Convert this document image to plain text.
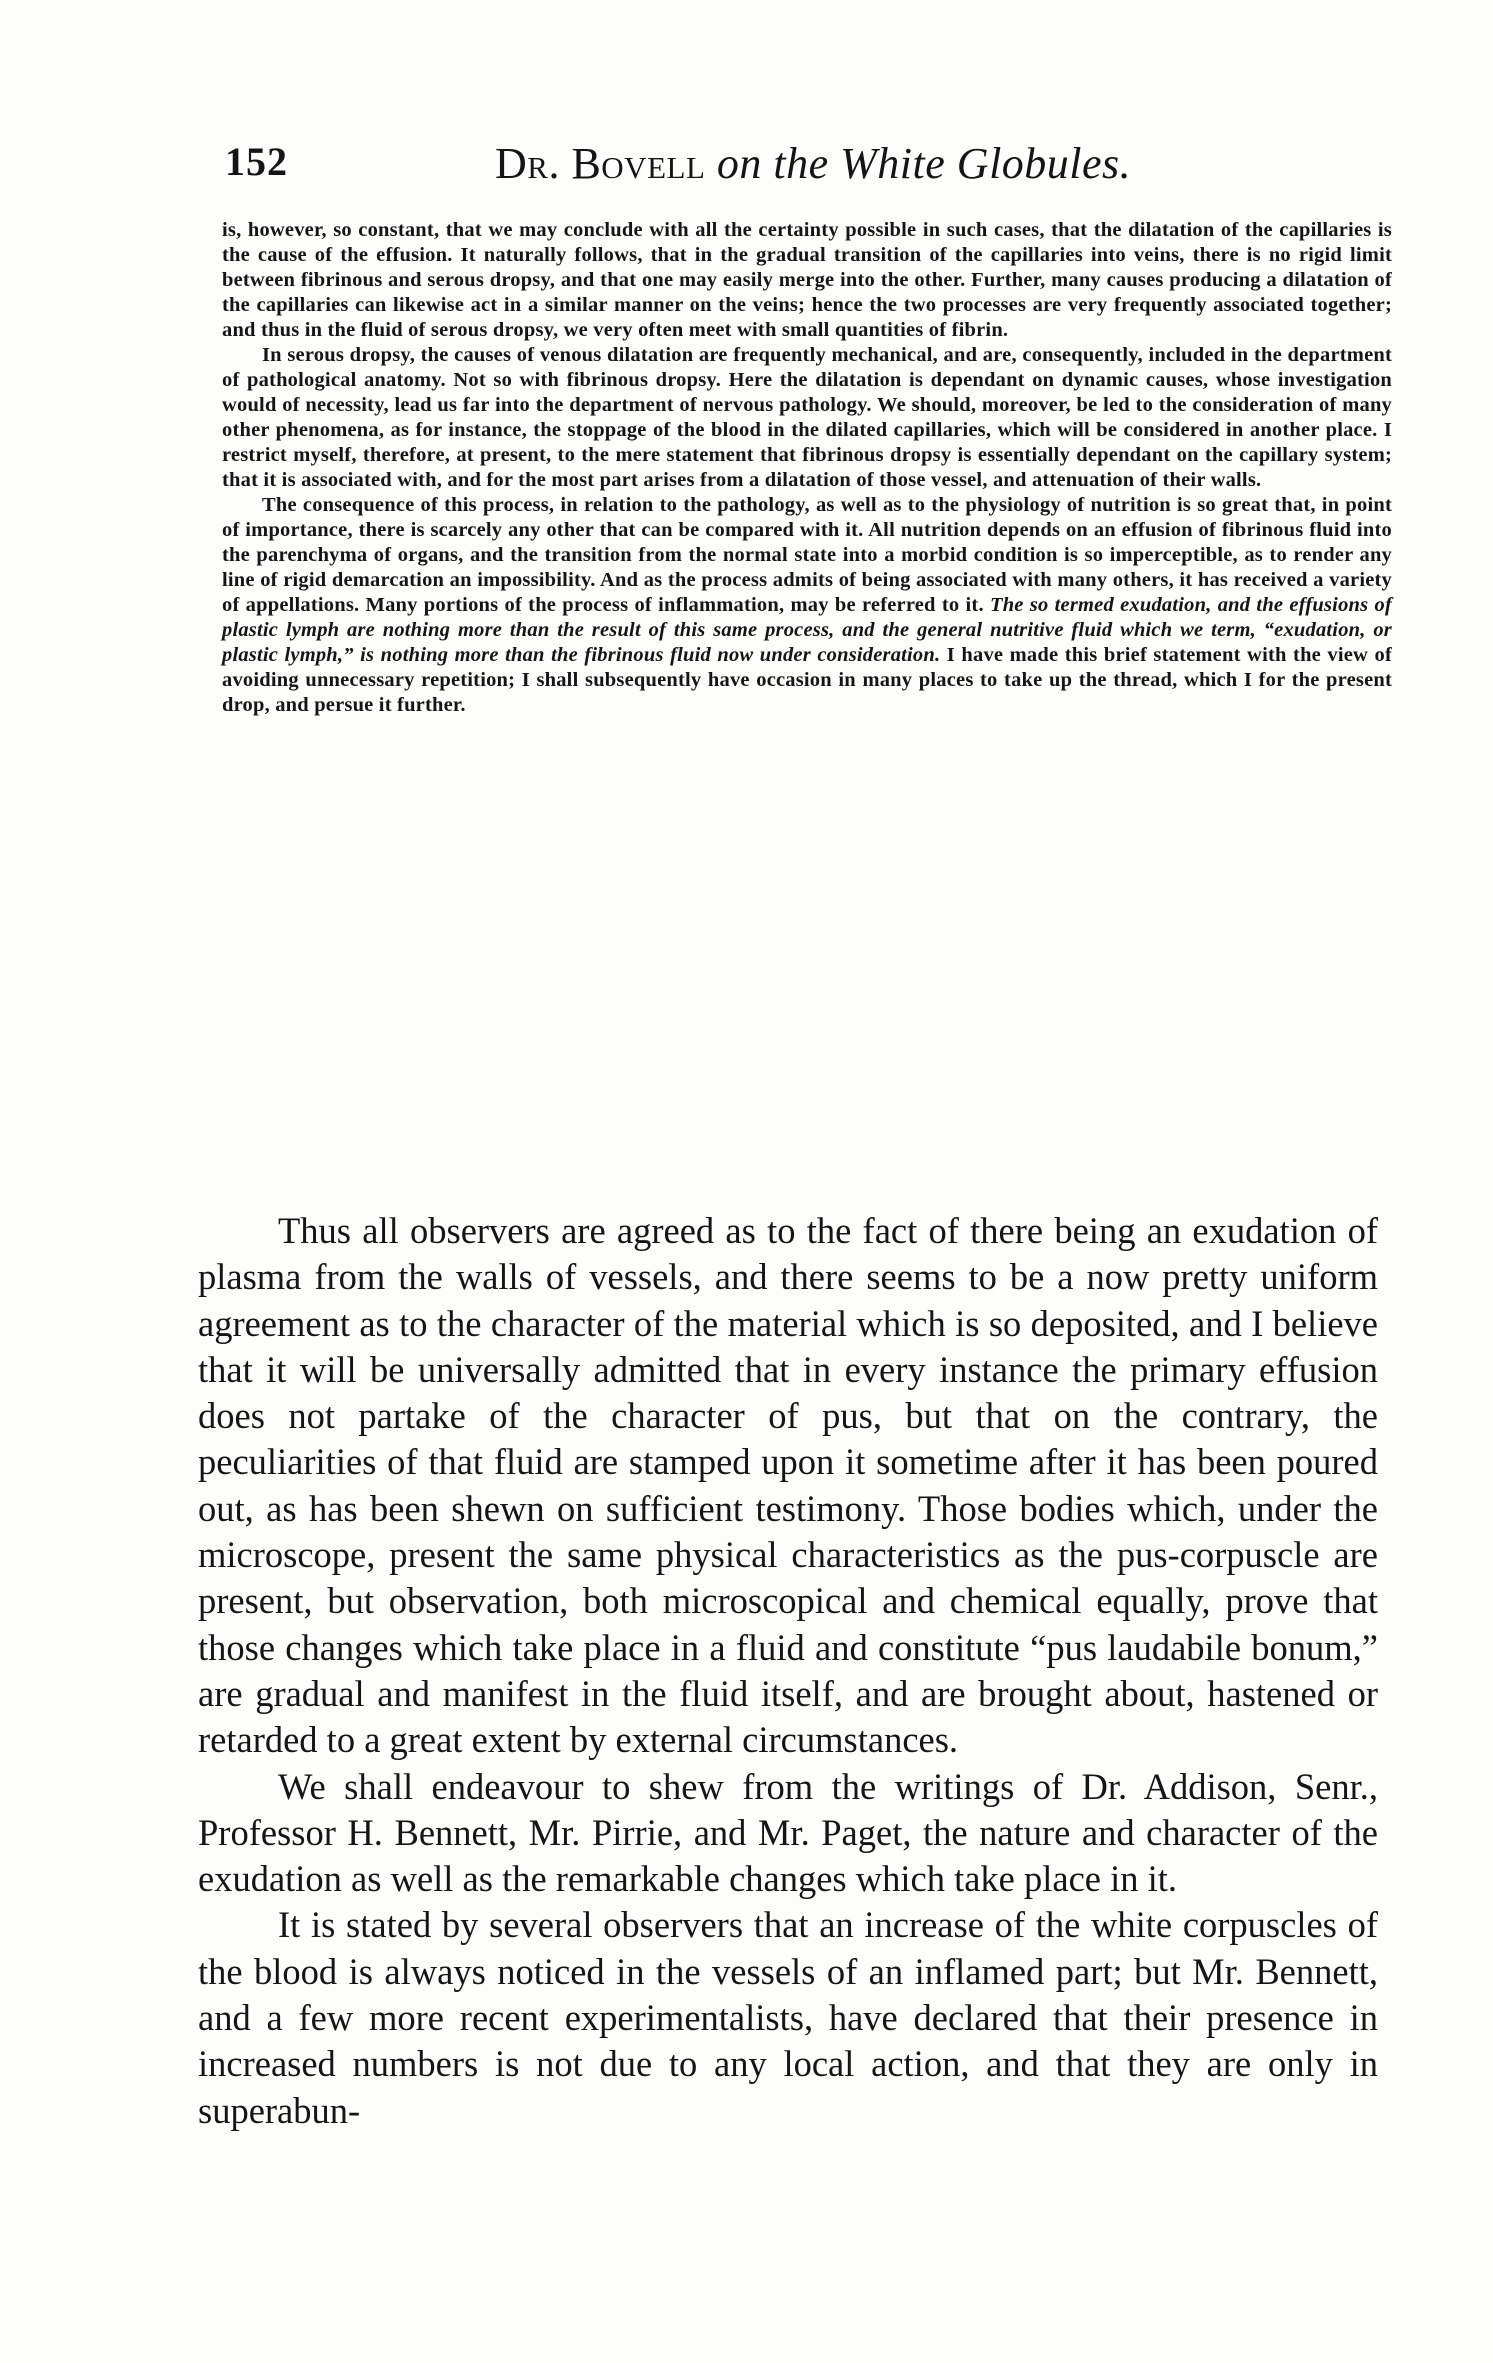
152	Dr. Bovell on the White Globules.

is, however, so constant, that we may conclude with all the certainty possible in such cases, that the dilatation of the capillaries is the cause of the effusion. It naturally follows, that in the gradual transition of the capillaries into veins, there is no rigid limit between fibrinous and serous dropsy, and that one may easily merge into the other. Further, many causes producing a dilatation of the capillaries can likewise act in a similar manner on the veins; hence the two processes are very frequently associated together; and thus in the fluid of serous dropsy, we very often meet with small quantities of fibrin.

In serous dropsy, the causes of venous dilatation are frequently mechanical, and are, consequently, included in the department of pathological anatomy. Not so with fibrinous dropsy. Here the dilatation is dependant on dynamic causes, whose investigation would of necessity, lead us far into the department of nervous pathology. We should, moreover, be led to the consideration of many other phenomena, as for instance, the stoppage of the blood in the dilated capillaries, which will be considered in another place. I restrict myself, therefore, at present, to the mere statement that fibrinous dropsy is essentially dependant on the capillary system; that it is associated with, and for the most part arises from a dilatation of those vessel, and attenuation of their walls.

The consequence of this process, in relation to the pathology, as well as to the physiology of nutrition is so great that, in point of importance, there is scarcely any other that can be compared with it. All nutrition depends on an effusion of fibrinous fluid into the parenchyma of organs, and the transition from the normal state into a morbid condition is so imperceptible, as to render any line of rigid demarcation an impossibility. And as the process admits of being associated with many others, it has received a variety of appellations. Many portions of the process of inflammation, may be referred to it. The so termed exudation, and the effusions of plastic lymph are nothing more than the result of this same process, and the general nutritive fluid which we term, “exudation, or plastic lymph,” is nothing more than the fibrinous fluid now under consideration. I have made this brief statement with the view of avoiding unnecessary repetition; I shall subsequently have occasion in many places to take up the thread, which I for the present drop, and persue it further.

Thus all observers are agreed as to the fact of there being an exudation of plasma from the walls of vessels, and there seems to be a now pretty uniform agreement as to the character of the material which is so deposited, and I believe that it will be universally admitted that in every instance the primary effusion does not partake of the character of pus, but that on the contrary, the peculiarities of that fluid are stamped upon it sometime after it has been poured out, as has been shewn on sufficient testimony. Those bodies which, under the microscope, present the same physical characteristics as the pus-corpuscle are present, but observation, both microscopical and chemical equally, prove that those changes which take place in a fluid and constitute “pus laudabile bonum,” are gradual and manifest in the fluid itself, and are brought about, hastened or retarded to a great extent by external circumstances.

We shall endeavour to shew from the writings of Dr. Addison, Senr., Professor H. Bennett, Mr. Pirrie, and Mr. Paget, the nature and character of the exudation as well as the remarkable changes which take place in it.

It is stated by several observers that an increase of the white corpuscles of the blood is always noticed in the vessels of an inflamed part; but Mr. Bennett, and a few more recent experimentalists, have declared that their presence in increased numbers is not due to any local action, and that they are only in superabun-
